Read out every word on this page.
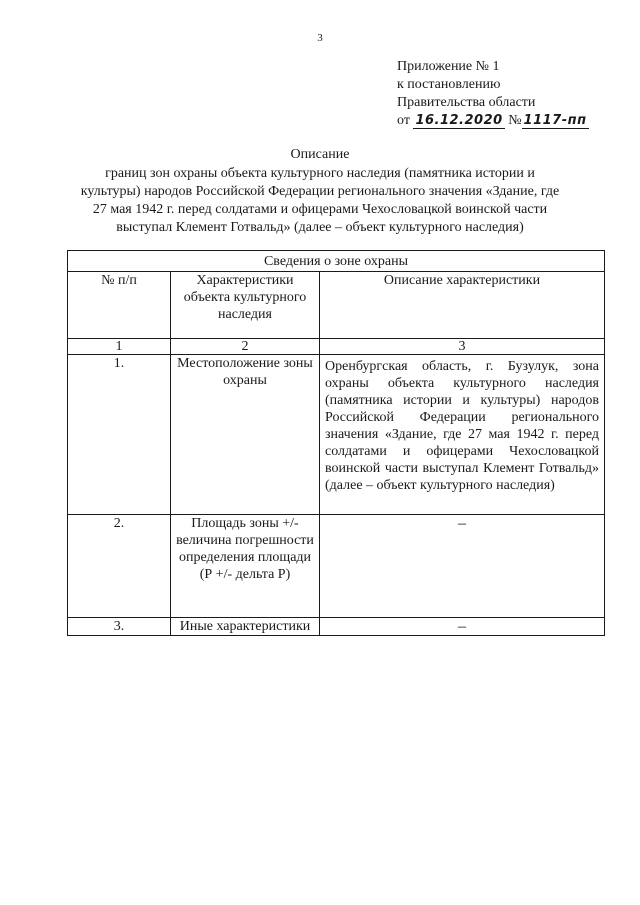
3
Приложение № 1
к постановлению
Правительства области
от 16.12.2020 № 1117-пп
Описание
границ зон охраны объекта культурного наследия (памятника истории и культуры) народов Российской Федерации регионального значения «Здание, где 27 мая 1942 г. перед солдатами и офицерами Чехословацкой воинской части выступал Клемент Готвальд» (далее – объект культурного наследия)
Сведения о зоне охраны		
№ п/п	Характеристики объекта культурного наследия	Описание характеристики
1	2	3
1.	Местоположение зоны охраны	Оренбургская область, г. Бузулук, зона охраны объекта культурного наследия (памятника истории и культуры) народов Российской Федерации регионального значения «Здание, где 27 мая 1942 г. перед солдатами и офицерами Чехословацкой воинской части выступал Клемент Готвальд» (далее – объект культурного наследия)
2.	Площадь зоны +/- величина погрешности определения площади (Р +/- дельта Р)	–
3.	Иные характеристики	–
